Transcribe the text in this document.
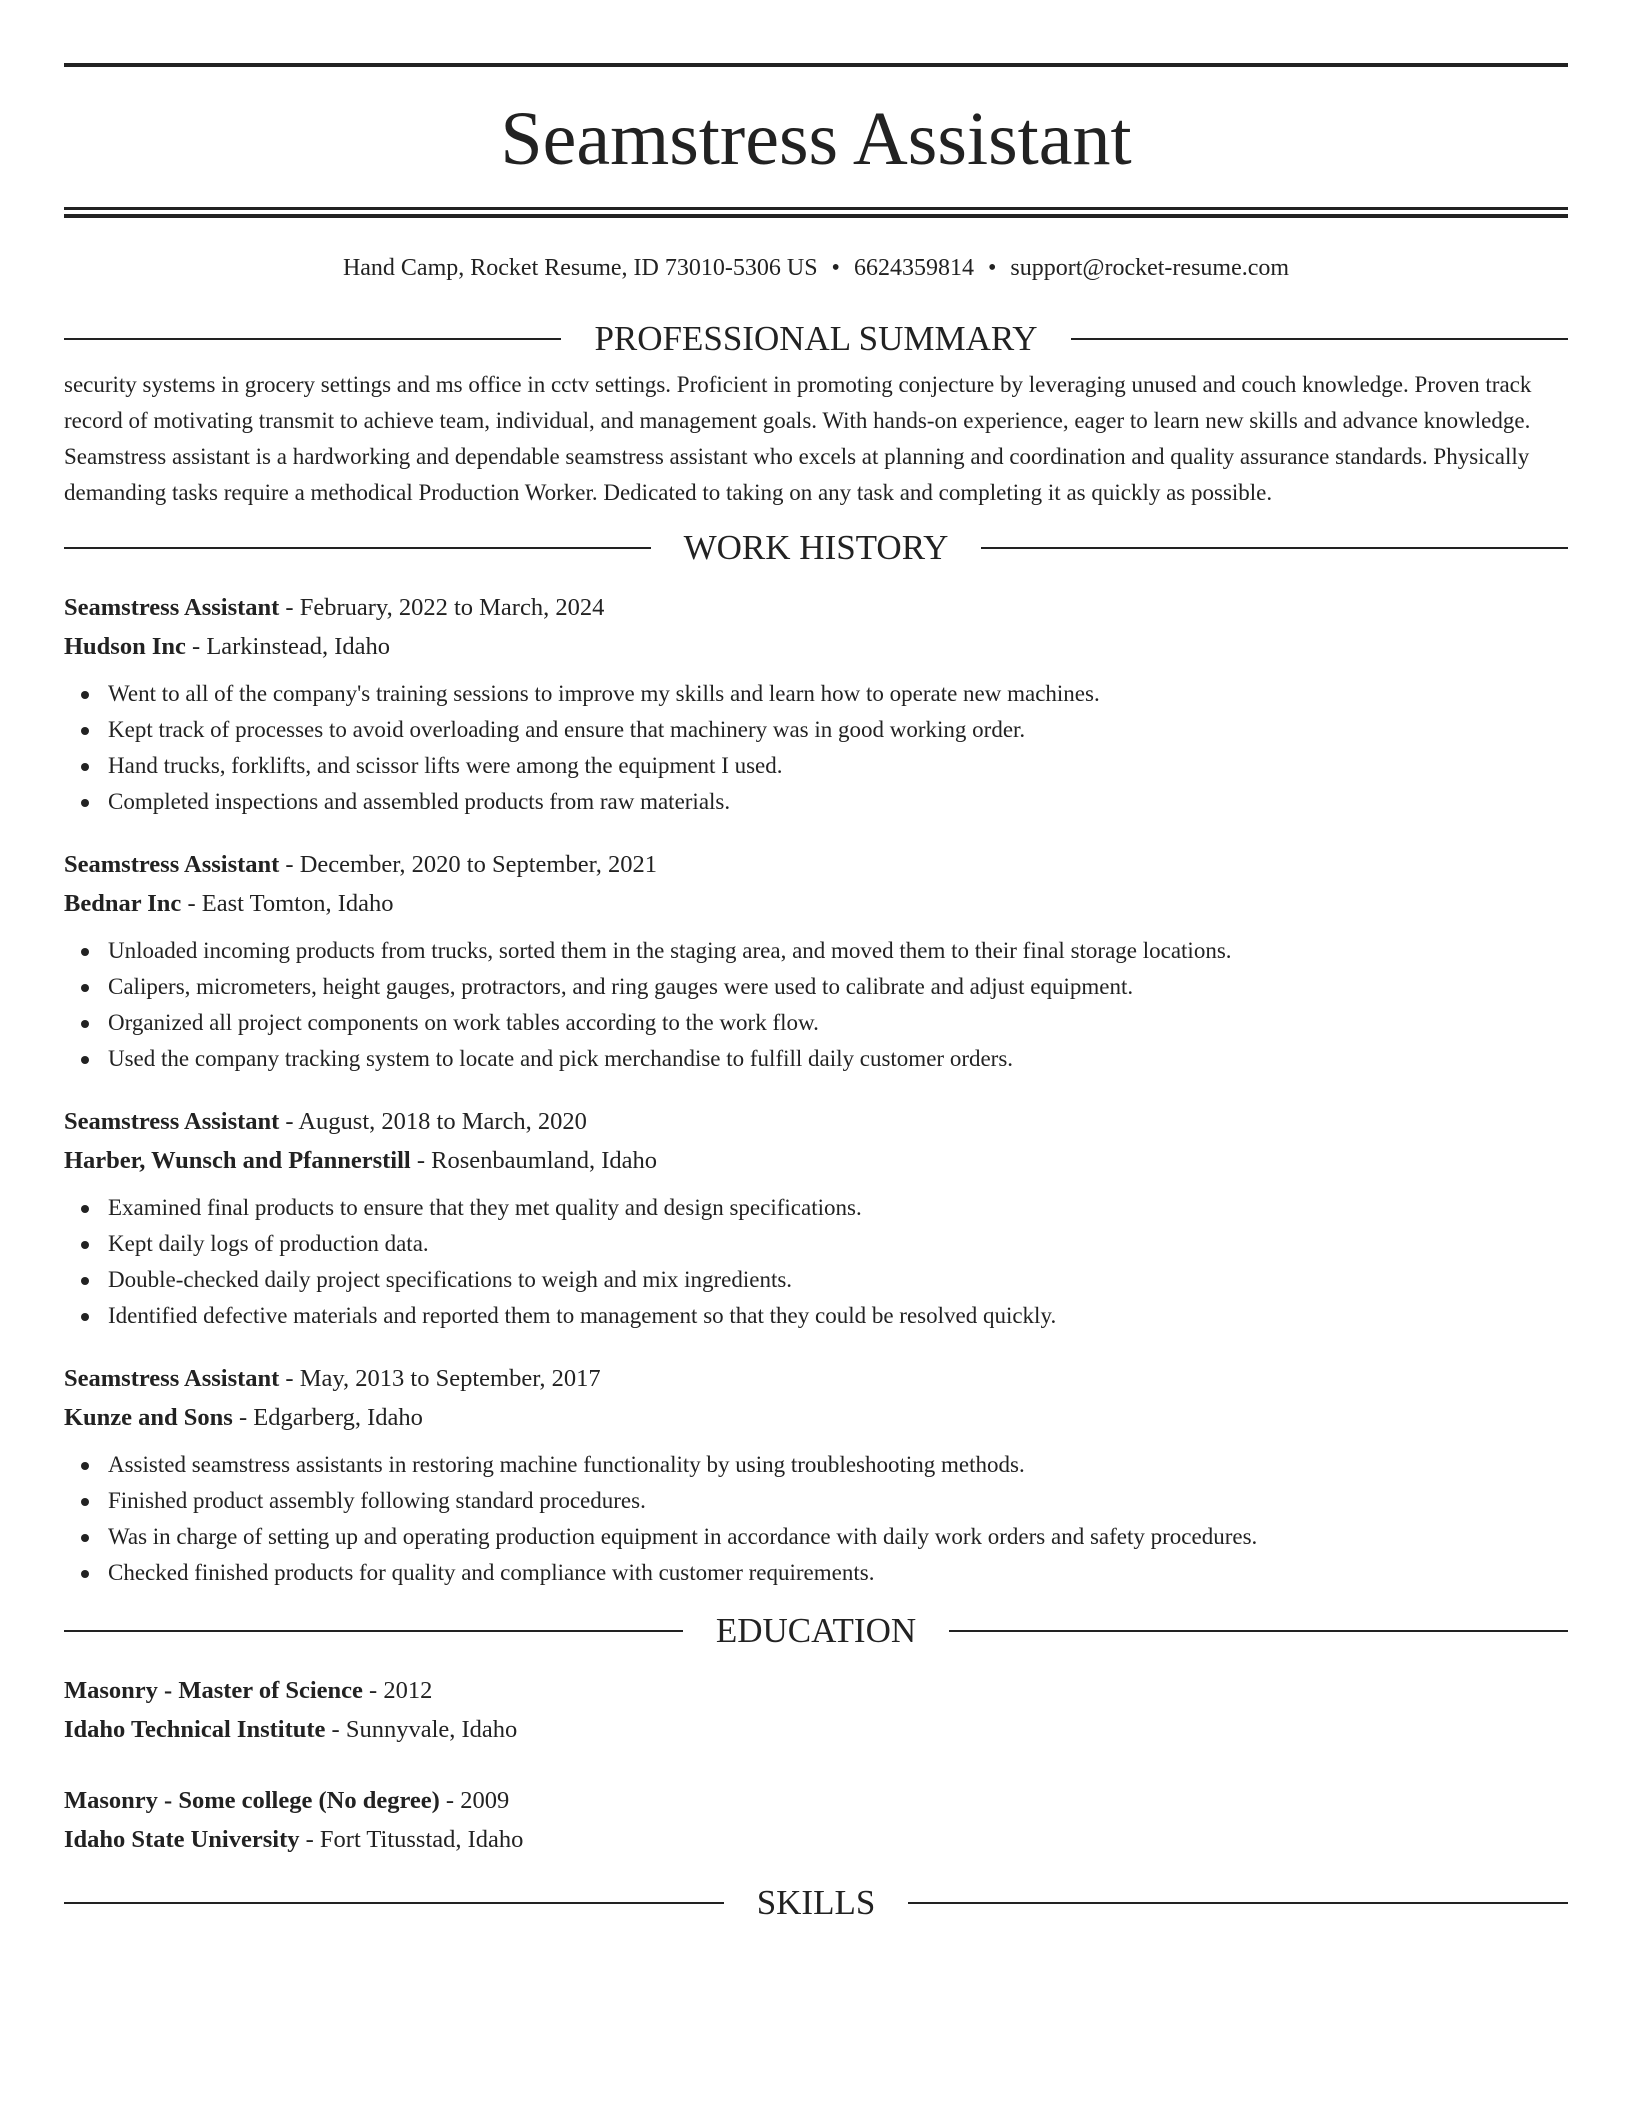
Seamstress Assistant
Hand Camp, Rocket Resume, ID 73010-5306 US • 6624359814 • support@rocket-resume.com
PROFESSIONAL SUMMARY

security systems in grocery settings and ms office in cctv settings. Proficient in promoting conjecture by leveraging unused and couch knowledge. Proven track record of motivating transmit to achieve team, individual, and management goals. With hands-on experience, eager to learn new skills and advance knowledge. Seamstress assistant is a hardworking and dependable seamstress assistant who excels at planning and coordination and quality assurance standards. Physically demanding tasks require a methodical Production Worker. Dedicated to taking on any task and completing it as quickly as possible.

WORK HISTORY
Seamstress Assistant - February, 2022 to March, 2024
Hudson Inc - Larkinstead, Idaho
Went to all of the company's training sessions to improve my skills and learn how to operate new machines.
Kept track of processes to avoid overloading and ensure that machinery was in good working order.
Hand trucks, forklifts, and scissor lifts were among the equipment I used.
Completed inspections and assembled products from raw materials.
Seamstress Assistant - December, 2020 to September, 2021
Bednar Inc - East Tomton, Idaho
Unloaded incoming products from trucks, sorted them in the staging area, and moved them to their final storage locations.
Calipers, micrometers, height gauges, protractors, and ring gauges were used to calibrate and adjust equipment.
Organized all project components on work tables according to the work flow.
Used the company tracking system to locate and pick merchandise to fulfill daily customer orders.
Seamstress Assistant - August, 2018 to March, 2020
Harber, Wunsch and Pfannerstill - Rosenbaumland, Idaho
Examined final products to ensure that they met quality and design specifications.
Kept daily logs of production data.
Double-checked daily project specifications to weigh and mix ingredients.
Identified defective materials and reported them to management so that they could be resolved quickly.
Seamstress Assistant - May, 2013 to September, 2017
Kunze and Sons - Edgarberg, Idaho
Assisted seamstress assistants in restoring machine functionality by using troubleshooting methods.
Finished product assembly following standard procedures.
Was in charge of setting up and operating production equipment in accordance with daily work orders and safety procedures.
Checked finished products for quality and compliance with customer requirements.
EDUCATION
Masonry - Master of Science - 2012
Idaho Technical Institute - Sunnyvale, Idaho
Masonry - Some college (No degree) - 2009
Idaho State University - Fort Titusstad, Idaho
SKILLS
